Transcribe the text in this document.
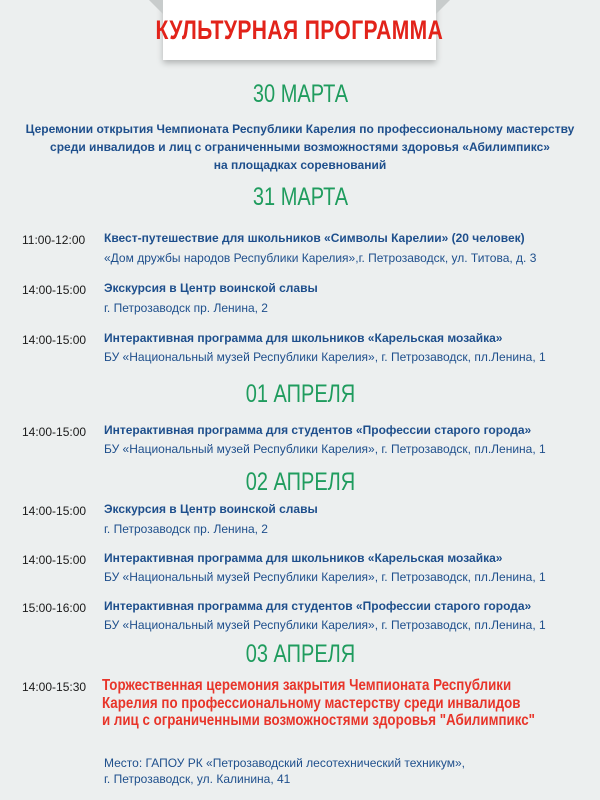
КУЛЬТУРНАЯ ПРОГРАММА
30 МАРТА
Церемонии открытия Чемпионата Республики Карелия по профессиональному мастерству
среди инвалидов и лиц с ограниченными возможностями здоровья «Абилимпикс»
на площадках соревнований
31 МАРТА
11:00-12:00 Квест-путешествие для школьников «Символы Карелии» (20 человек)
«Дом дружбы народов Республики Карелия»,г. Петрозаводск, ул. Титова, д. 3
14:00-15:00 Экскурсия в Центр воинской славы
г. Петрозаводск пр. Ленина, 2
14:00-15:00 Интерактивная программа для школьников «Карельская мозайка»
БУ «Национальный музей Республики Карелия», г. Петрозаводск, пл.Ленина, 1
01 АПРЕЛЯ
14:00-15:00 Интерактивная программа для студентов «Профессии старого города»
БУ «Национальный музей Республики Карелия», г. Петрозаводск, пл.Ленина, 1
02 АПРЕЛЯ
14:00-15:00 Экскурсия в Центр воинской славы
г. Петрозаводск пр. Ленина, 2
14:00-15:00 Интерактивная программа для школьников «Карельская мозайка»
БУ «Национальный музей Республики Карелия», г. Петрозаводск, пл.Ленина, 1
15:00-16:00 Интерактивная программа для студентов «Профессии старого города»
БУ «Национальный музей Республики Карелия», г. Петрозаводск, пл.Ленина, 1
03 АПРЕЛЯ
14:00-15:30 Торжественная церемония закрытия Чемпионата Республики
Карелия по профессиональному мастерству среди инвалидов
и лиц с ограниченными возможностями здоровья "Абилимпикс"
Место: ГАПОУ РК «Петрозаводский лесотехнический техникум»,
г. Петрозаводск, ул. Калинина, 41
